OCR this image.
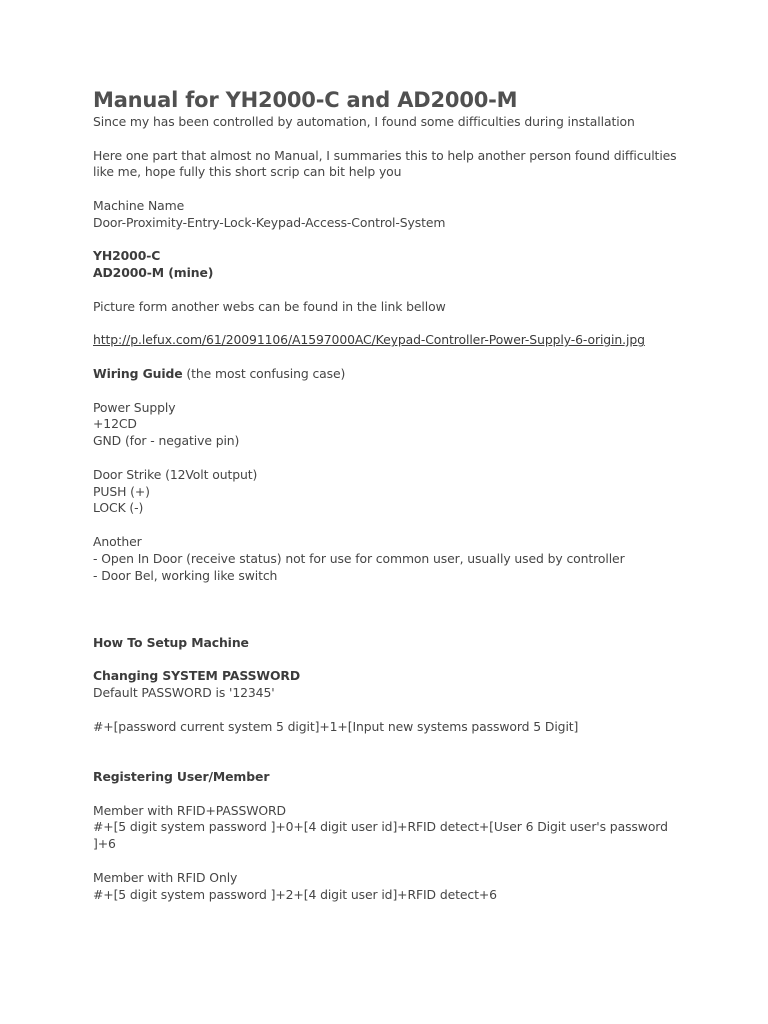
Manual for YH2000-C and AD2000-M
Since my has been controlled by automation, I found some difficulties during installation
Here one part that almost no Manual, I summaries this to help another person found difficulties like me, hope fully this short scrip can bit help you
Machine Name
Door-Proximity-Entry-Lock-Keypad-Access-Control-System
YH2000-C
AD2000-M (mine)
Picture form another webs can be found in the link bellow
http://p.lefux.com/61/20091106/A1597000AC/Keypad-Controller-Power-Supply-6-origin.jpg
Wiring Guide (the most confusing case)
Power Supply
+12CD
GND (for - negative pin)
Door Strike (12Volt output)
PUSH (+)
LOCK (-)
Another
- Open In Door (receive status) not for use for common user, usually used by controller
- Door Bel, working like switch
How To Setup Machine
Changing SYSTEM PASSWORD
Default PASSWORD is '12345'
#+[password current system 5 digit]+1+[Input new systems password 5 Digit]
Registering User/Member
Member with RFID+PASSWORD
#+[5 digit system password ]+0+[4 digit user id]+RFID detect+[User 6 Digit user's password ]+6
Member with RFID Only
#+[5 digit system password ]+2+[4 digit user id]+RFID detect+6
